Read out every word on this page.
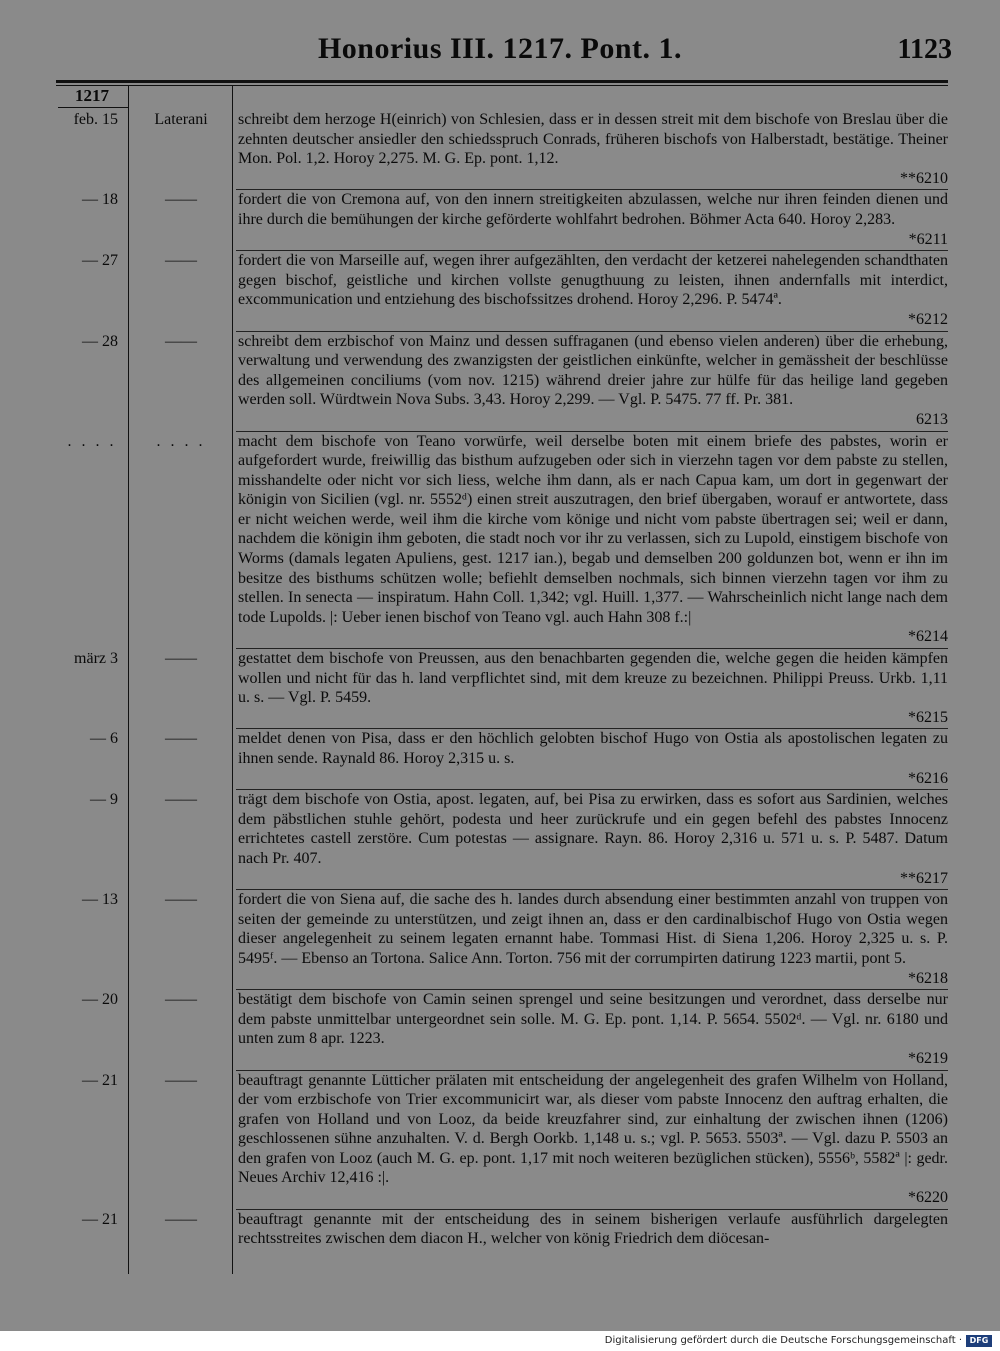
Honorius III. 1217. Pont. 1.	1123
1217
feb. 15	Laterani	schreibt dem herzoge H(einrich) von Schlesien, dass er in dessen streit mit dem bischofe von Breslau über die zehnten deutscher ansiedler den schiedsspruch Conrads, früheren bischofs von Halberstadt, bestätige. Theiner Mon. Pol. 1,2. Horoy 2,275. M. G. Ep. pont. 1,12.
**6210
— 18	——	fordert die von Cremona auf, von den innern streitigkeiten abzulassen, welche nur ihren feinden dienen und ihre durch die bemühungen der kirche geförderte wohlfahrt bedrohen. Böhmer Acta 640. Horoy 2,283.
*6211
— 27	——	fordert die von Marseille auf, wegen ihrer aufgezählten, den verdacht der ketzerei nahelegenden schandthaten gegen bischof, geistliche und kirchen vollste genugthuung zu leisten, ihnen andernfalls mit interdict, excommunication und entziehung des bischofssitzes drohend. Horoy 2,296. P. 5474ª.
*6212
— 28	——	schreibt dem erzbischof von Mainz und dessen suffraganen (und ebenso vielen anderen) über die erhebung, verwaltung und verwendung des zwanzigsten der geistlichen einkünfte, welcher in gemässheit der beschlüsse des allgemeinen conciliums (vom nov. 1215) während dreier jahre zur hülfe für das heilige land gegeben werden soll. Würdtwein Nova Subs. 3,43. Horoy 2,299. — Vgl. P. 5475. 77 ff. Pr. 381.
6213
. . . .	. . . .	macht dem bischofe von Teano vorwürfe, weil derselbe boten mit einem briefe des pabstes, worin er aufgefordert wurde, freiwillig das bisthum aufzugeben oder sich in vierzehn tagen vor dem pabste zu stellen, misshandelte oder nicht vor sich liess, welche ihm dann, als er nach Capua kam, um dort in gegenwart der königin von Sicilien (vgl. nr. 5552ᵈ) einen streit auszutragen, den brief übergaben, worauf er antwortete, dass er nicht weichen werde, weil ihm die kirche vom könige und nicht vom pabste übertragen sei; weil er dann, nachdem die königin ihm geboten, die stadt noch vor ihr zu verlassen, sich zu Lupold, einstigem bischofe von Worms (damals legaten Apuliens, gest. 1217 ian.), begab und demselben 200 goldunzen bot, wenn er ihn im besitze des bisthums schützen wolle; befiehlt demselben nochmals, sich binnen vierzehn tagen vor ihm zu stellen. In senecta — inspiratum. Hahn Coll. 1,342; vgl. Huill. 1,377. — Wahrscheinlich nicht lange nach dem tode Lupolds. |: Ueber ienen bischof von Teano vgl. auch Hahn 308 f.:|
*6214
märz 3	——	gestattet dem bischofe von Preussen, aus den benachbarten gegenden die, welche gegen die heiden kämpfen wollen und nicht für das h. land verpflichtet sind, mit dem kreuze zu bezeichnen. Philippi Preuss. Urkb. 1,11 u. s. — Vgl. P. 5459.
*6215
— 6	——	meldet denen von Pisa, dass er den höchlich gelobten bischof Hugo von Ostia als apostolischen legaten zu ihnen sende. Raynald 86. Horoy 2,315 u. s.
*6216
— 9	——	trägt dem bischofe von Ostia, apost. legaten, auf, bei Pisa zu erwirken, dass es sofort aus Sardinien, welches dem päbstlichen stuhle gehört, podesta und heer zurückrufe und ein gegen befehl des pabstes Innocenz errichtetes castell zerstöre. Cum potestas — assignare. Rayn. 86. Horoy 2,316 u. 571 u. s. P. 5487. Datum nach Pr. 407.
**6217
— 13	——	fordert die von Siena auf, die sache des h. landes durch absendung einer bestimmten anzahl von truppen von seiten der gemeinde zu unterstützen, und zeigt ihnen an, dass er den cardinalbischof Hugo von Ostia wegen dieser angelegenheit zu seinem legaten ernannt habe. Tommasi Hist. di Siena 1,206. Horoy 2,325 u. s. P. 5495ᶠ. — Ebenso an Tortona. Salice Ann. Torton. 756 mit der corrumpirten datirung 1223 martii, pont 5.
*6218
— 20	——	bestätigt dem bischofe von Camin seinen sprengel und seine besitzungen und verordnet, dass derselbe nur dem pabste unmittelbar untergeordnet sein solle. M. G. Ep. pont. 1,14. P. 5654. 5502ᵈ. — Vgl. nr. 6180 und unten zum 8 apr. 1223.
*6219
— 21	——	beauftragt genannte Lütticher prälaten mit entscheidung der angelegenheit des grafen Wilhelm von Holland, der vom erzbischofe von Trier excommunicirt war, als dieser vom pabste Innocenz den auftrag erhalten, die grafen von Holland und von Looz, da beide kreuzfahrer sind, zur einhaltung der zwischen ihnen (1206) geschlossenen sühne anzuhalten. V. d. Bergh Oorkb. 1,148 u. s.; vgl. P. 5653. 5503ª. — Vgl. dazu P. 5503 an den grafen von Looz (auch M. G. ep. pont. 1,17 mit noch weiteren bezüglichen stücken), 5556ᵇ, 5582ª |: gedr. Neues Archiv 12,416 :|.
*6220
— 21	——	beauftragt genannte mit der entscheidung des in seinem bisherigen verlaufe ausführlich dargelegten rechtsstreites zwischen dem diacon H., welcher von könig Friedrich dem diöcesan-
Digitalisierung gefördert durch die Deutsche Forschungsgemeinschaft · DFG
